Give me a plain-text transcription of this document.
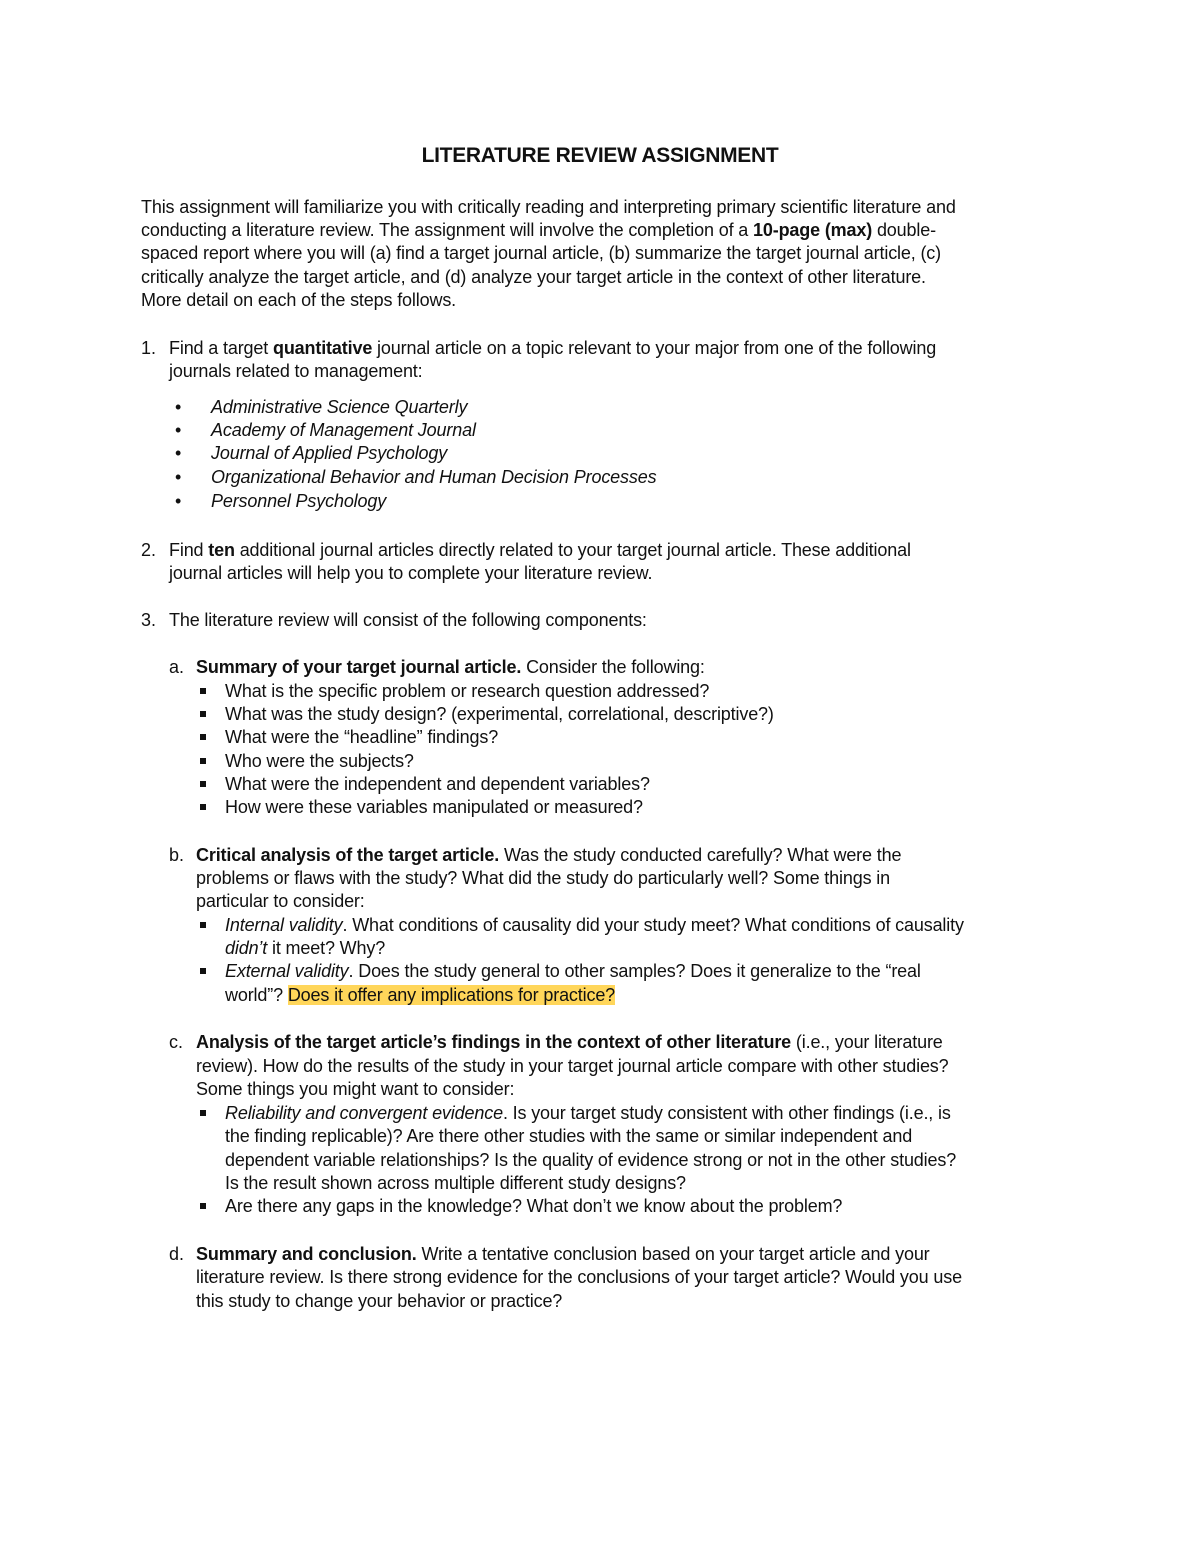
LITERATURE REVIEW ASSIGNMENT
This assignment will familiarize you with critically reading and interpreting primary scientific literature and
conducting a literature review. The assignment will involve the completion of a 10-page (max) double-
spaced report where you will (a) find a target journal article, (b) summarize the target journal article, (c)
critically analyze the target article, and (d) analyze your target article in the context of other literature.
More detail on each of the steps follows.
1. Find a target quantitative journal article on a topic relevant to your major from one of the following
journals related to management:
• Administrative Science Quarterly
• Academy of Management Journal
• Journal of Applied Psychology
• Organizational Behavior and Human Decision Processes
• Personnel Psychology
2. Find ten additional journal articles directly related to your target journal article. These additional
journal articles will help you to complete your literature review.
3. The literature review will consist of the following components:
a. Summary of your target journal article. Consider the following:
What is the specific problem or research question addressed?
What was the study design? (experimental, correlational, descriptive?)
What were the “headline” findings?
Who were the subjects?
What were the independent and dependent variables?
How were these variables manipulated or measured?
b. Critical analysis of the target article. Was the study conducted carefully? What were the
problems or flaws with the study? What did the study do particularly well? Some things in
particular to consider:
Internal validity. What conditions of causality did your study meet? What conditions of causality
didn’t it meet? Why?
External validity. Does the study general to other samples? Does it generalize to the “real
world”? Does it offer any implications for practice?
c. Analysis of the target article’s findings in the context of other literature (i.e., your literature
review). How do the results of the study in your target journal article compare with other studies?
Some things you might want to consider:
Reliability and convergent evidence. Is your target study consistent with other findings (i.e., is
the finding replicable)? Are there other studies with the same or similar independent and
dependent variable relationships? Is the quality of evidence strong or not in the other studies?
Is the result shown across multiple different study designs?
Are there any gaps in the knowledge? What don’t we know about the problem?
d. Summary and conclusion. Write a tentative conclusion based on your target article and your
literature review. Is there strong evidence for the conclusions of your target article? Would you use
this study to change your behavior or practice?
